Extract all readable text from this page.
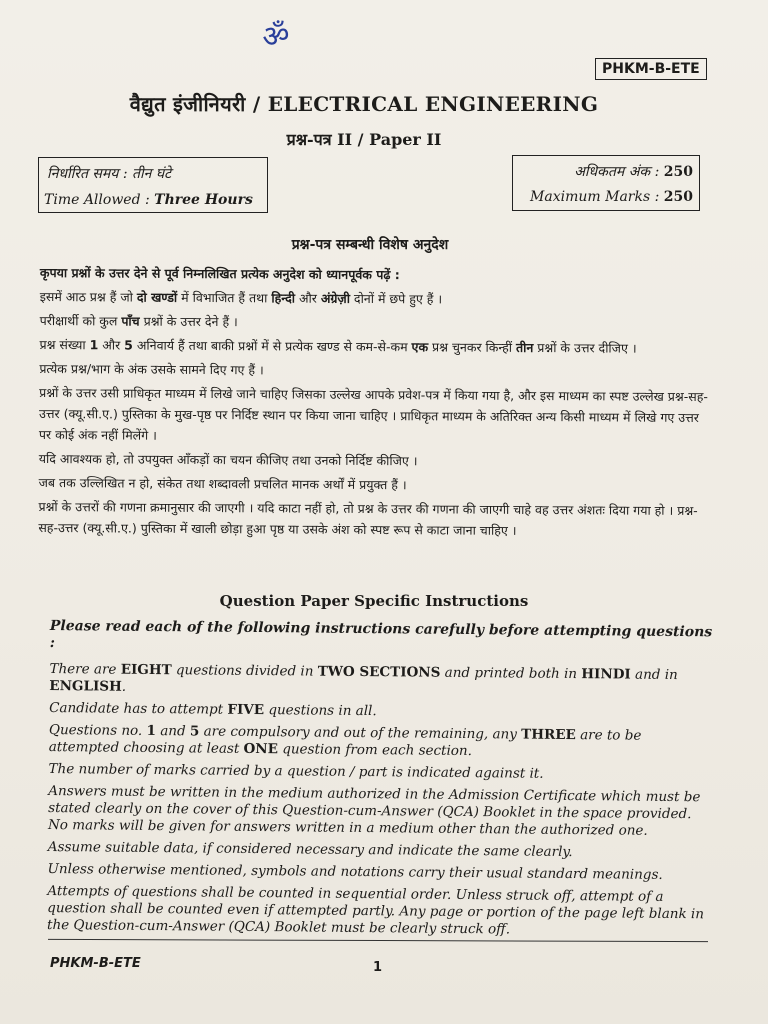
ॐ
PHKM-B-ETE
वैद्युत इंजीनियरी / ELECTRICAL ENGINEERING
प्रश्न-पत्र II / Paper II
निर्धारित समय : तीन घंटे
Time Allowed : Three Hours
अधिकतम अंक : 250
Maximum Marks : 250
प्रश्न-पत्र सम्बन्धी विशेष अनुदेश

कृपया प्रश्नों के उत्तर देने से पूर्व निम्नलिखित प्रत्येक अनुदेश को ध्यानपूर्वक पढ़ें :

इसमें आठ प्रश्न हैं जो दो खण्डों में विभाजित हैं तथा हिन्दी और अंग्रेज़ी दोनों में छपे हुए हैं ।

परीक्षार्थी को कुल पाँच प्रश्नों के उत्तर देने हैं ।

प्रश्न संख्या 1 और 5 अनिवार्य हैं तथा बाकी प्रश्नों में से प्रत्येक खण्ड से कम-से-कम एक प्रश्न चुनकर किन्हीं तीन प्रश्नों के उत्तर दीजिए ।

प्रत्येक प्रश्न/भाग के अंक उसके सामने दिए गए हैं ।

प्रश्नों के उत्तर उसी प्राधिकृत माध्यम में लिखे जाने चाहिए जिसका उल्लेख आपके प्रवेश-पत्र में किया गया है, और इस माध्यम का स्पष्ट उल्लेख प्रश्न-सह-उत्तर (क्यू.सी.ए.) पुस्तिका के मुख-पृष्ठ पर निर्दिष्ट स्थान पर किया जाना चाहिए । प्राधिकृत माध्यम के अतिरिक्त अन्य किसी माध्यम में लिखे गए उत्तर पर कोई अंक नहीं मिलेंगे ।

यदि आवश्यक हो, तो उपयुक्त आँकड़ों का चयन कीजिए तथा उनको निर्दिष्ट कीजिए ।

जब तक उल्लिखित न हो, संकेत तथा शब्दावली प्रचलित मानक अर्थों में प्रयुक्त हैं ।

प्रश्नों के उत्तरों की गणना क्रमानुसार की जाएगी । यदि काटा नहीं हो, तो प्रश्न के उत्तर की गणना की जाएगी चाहे वह उत्तर अंशतः दिया गया हो । प्रश्न-सह-उत्तर (क्यू.सी.ए.) पुस्तिका में खाली छोड़ा हुआ पृष्ठ या उसके अंश को स्पष्ट रूप से काटा जाना चाहिए ।

Question Paper Specific Instructions

Please read each of the following instructions carefully before attempting questions :

There are EIGHT questions divided in TWO SECTIONS and printed both in HINDI and in ENGLISH.

Candidate has to attempt FIVE questions in all.

Questions no. 1 and 5 are compulsory and out of the remaining, any THREE are to be attempted choosing at least ONE question from each section.

The number of marks carried by a question / part is indicated against it.

Answers must be written in the medium authorized in the Admission Certificate which must be stated clearly on the cover of this Question-cum-Answer (QCA) Booklet in the space provided. No marks will be given for answers written in a medium other than the authorized one.

Assume suitable data, if considered necessary and indicate the same clearly.

Unless otherwise mentioned, symbols and notations carry their usual standard meanings.

Attempts of questions shall be counted in sequential order. Unless struck off, attempt of a question shall be counted even if attempted partly. Any page or portion of the page left blank in the Question-cum-Answer (QCA) Booklet must be clearly struck off.

PHKM-B-ETE	1
